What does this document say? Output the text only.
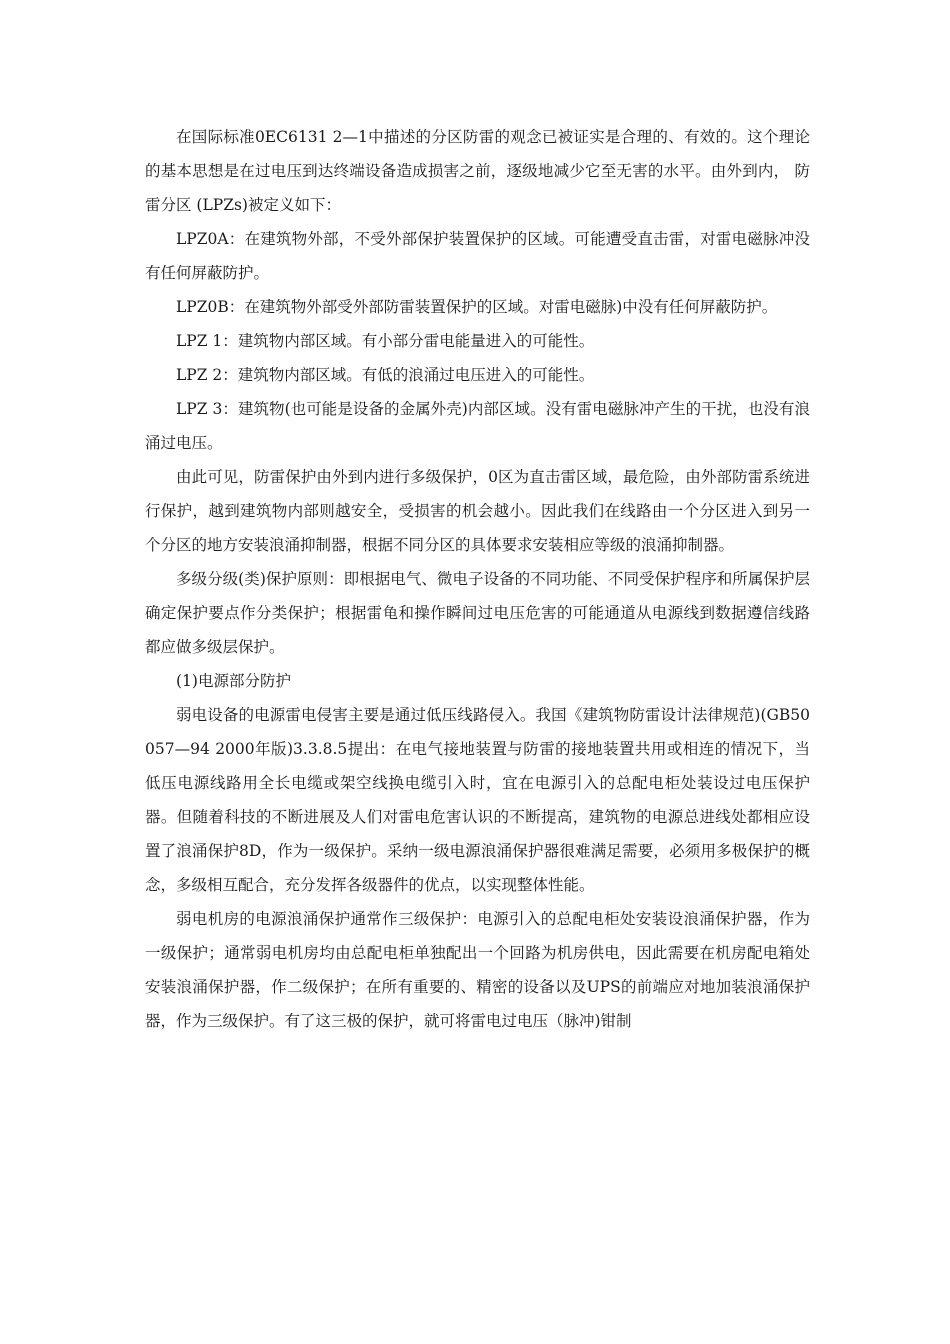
在国际标准0EC6131 2—1中描述的分区防雷的观念已被证实是合理的、有效的。这个理论的基本思想是在过电压到达终端设备造成损害之前，逐级地减少它至无害的水平。由外到内， 防雷分区 (LPZs)被定义如下：

LPZ0A：在建筑物外部，不受外部保护装置保护的区域。可能遭受直击雷，对雷电磁脉冲没有任何屏蔽防护。

LPZ0B：在建筑物外部受外部防雷装置保护的区域。对雷电磁脉)中没有任何屏蔽防护。

LPZ 1：建筑物内部区域。有小部分雷电能量进入的可能性。

LPZ 2：建筑物内部区域。有低的浪涌过电压进入的可能性。

LPZ 3：建筑物(也可能是设备的金属外壳)内部区域。没有雷电磁脉冲产生的干扰，也没有浪涌过电压。

由此可见，防雷保护由外到内进行多级保护，0区为直击雷区域，最危险，由外部防雷系统进行保护，越到建筑物内部则越安全，受损害的机会越小。因此我们在线路由一个分区进入到另一个分区的地方安装浪涌抑制器，根据不同分区的具体要求安装相应等级的浪涌抑制器。

多级分级(类)保护原则：即根据电气、微电子设备的不同功能、不同受保护程序和所属保护层确定保护要点作分类保护；根据雷龟和操作瞬间过电压危害的可能通道从电源线到数据遵信线路都应做多级层保护。

(1)电源部分防护

弱电设备的电源雷电侵害主要是通过低压线路侵入。我国《建筑物防雷设计法律规范)(GB50057—94 2000年版)3.3.8.5提出：在电气接地装置与防雷的接地装置共用或相连的情况下，当低压电源线路用全长电缆或架空线换电缆引入时，宜在电源引入的总配电柜处装设过电压保护器。但随着科技的不断进展及人们对雷电危害认识的不断提高，建筑物的电源总进线处都相应设置了浪涌保护8D，作为一级保护。采纳一级电源浪涌保护器很难满足需要，必须用多极保护的概念，多级相互配合，充分发挥各级器件的优点，以实现整体性能。

弱电机房的电源浪涌保护通常作三级保护：电源引入的总配电柜处安装设浪涌保护器，作为一级保护；通常弱电机房均由总配电柜单独配出一个回路为机房供电，因此需要在机房配电箱处安装浪涌保护器，作二级保护；在所有重要的、精密的设备以及UPS的前端应对地加装浪涌保护器，作为三级保护。有了这三极的保护，就可将雷电过电压（脉冲)钳制
